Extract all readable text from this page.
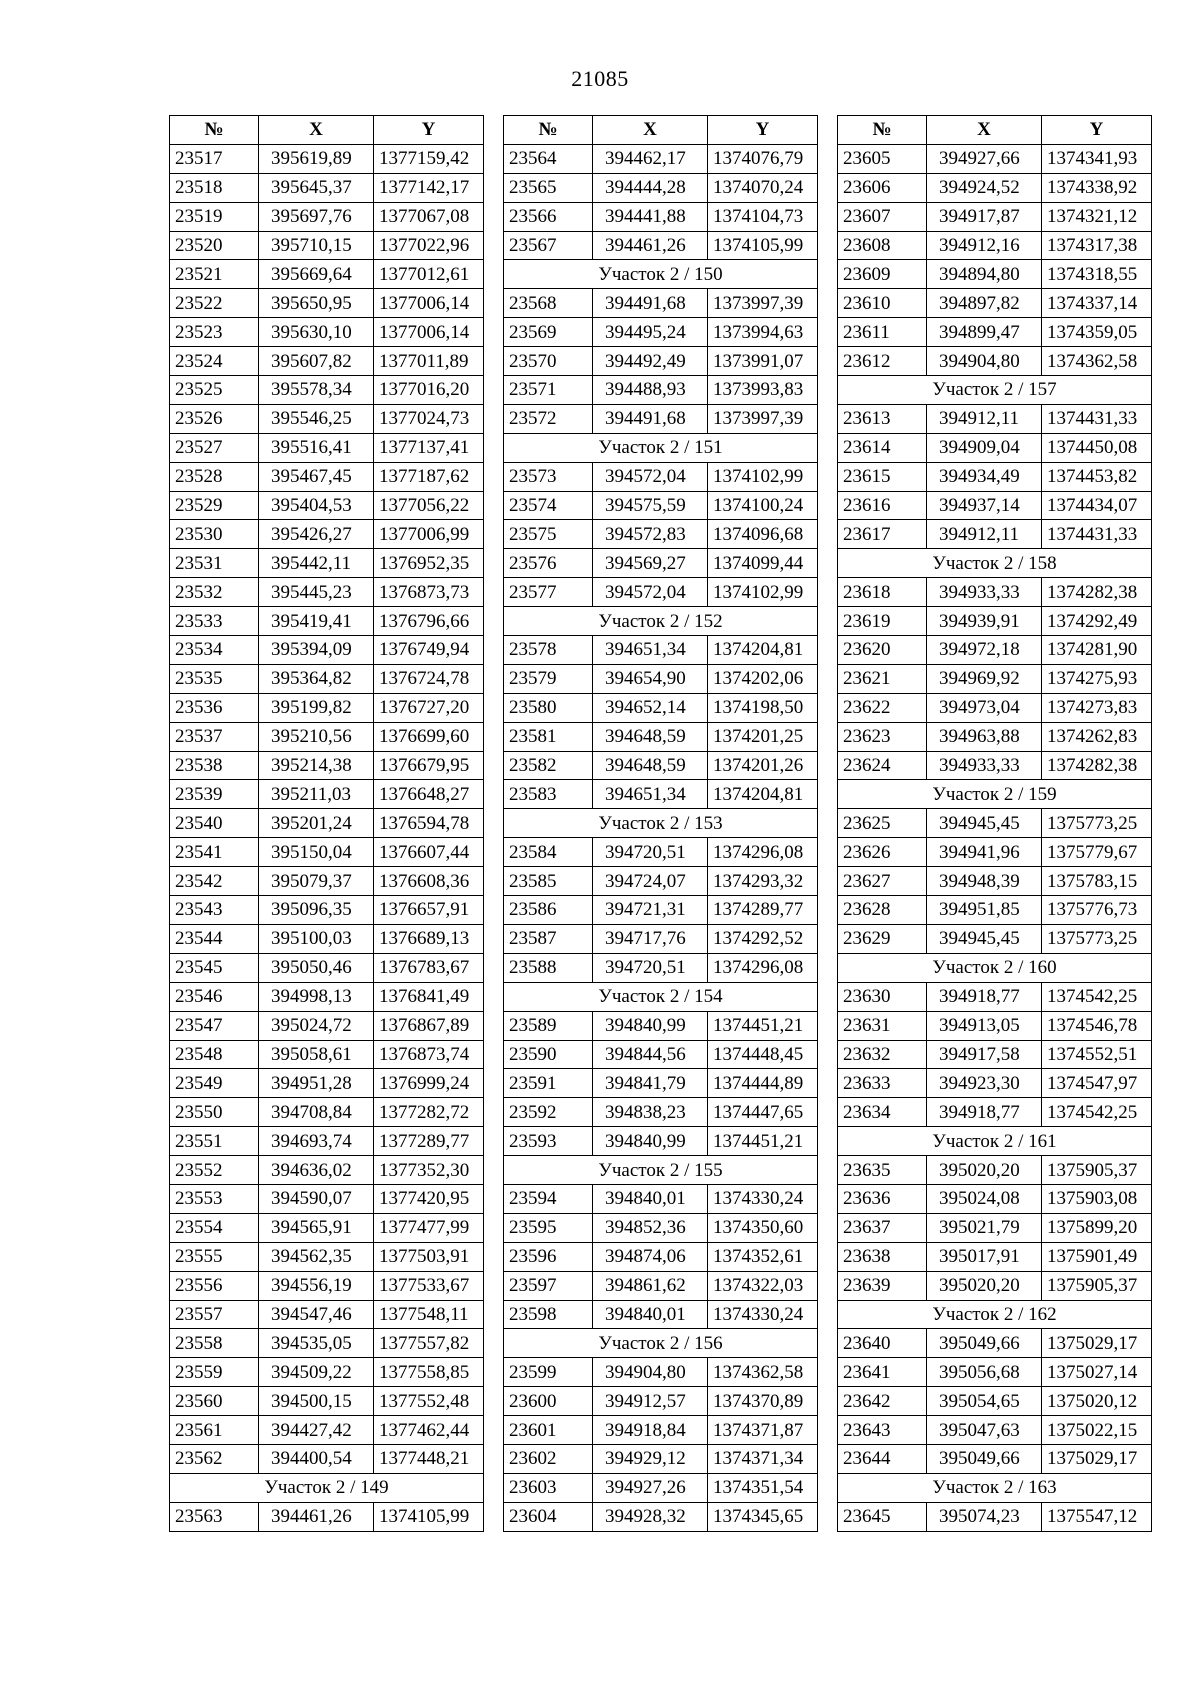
21085
№	X	Y
23517	395619,89	1377159,42
23518	395645,37	1377142,17
23519	395697,76	1377067,08
23520	395710,15	1377022,96
23521	395669,64	1377012,61
23522	395650,95	1377006,14
23523	395630,10	1377006,14
23524	395607,82	1377011,89
23525	395578,34	1377016,20
23526	395546,25	1377024,73
23527	395516,41	1377137,41
23528	395467,45	1377187,62
23529	395404,53	1377056,22
23530	395426,27	1377006,99
23531	395442,11	1376952,35
23532	395445,23	1376873,73
23533	395419,41	1376796,66
23534	395394,09	1376749,94
23535	395364,82	1376724,78
23536	395199,82	1376727,20
23537	395210,56	1376699,60
23538	395214,38	1376679,95
23539	395211,03	1376648,27
23540	395201,24	1376594,78
23541	395150,04	1376607,44
23542	395079,37	1376608,36
23543	395096,35	1376657,91
23544	395100,03	1376689,13
23545	395050,46	1376783,67
23546	394998,13	1376841,49
23547	395024,72	1376867,89
23548	395058,61	1376873,74
23549	394951,28	1376999,24
23550	394708,84	1377282,72
23551	394693,74	1377289,77
23552	394636,02	1377352,30
23553	394590,07	1377420,95
23554	394565,91	1377477,99
23555	394562,35	1377503,91
23556	394556,19	1377533,67
23557	394547,46	1377548,11
23558	394535,05	1377557,82
23559	394509,22	1377558,85
23560	394500,15	1377552,48
23561	394427,42	1377462,44
23562	394400,54	1377448,21
Участок 2 / 149		
23563	394461,26	1374105,99
№	X	Y
23564	394462,17	1374076,79
23565	394444,28	1374070,24
23566	394441,88	1374104,73
23567	394461,26	1374105,99
Участок 2 / 150		
23568	394491,68	1373997,39
23569	394495,24	1373994,63
23570	394492,49	1373991,07
23571	394488,93	1373993,83
23572	394491,68	1373997,39
Участок 2 / 151		
23573	394572,04	1374102,99
23574	394575,59	1374100,24
23575	394572,83	1374096,68
23576	394569,27	1374099,44
23577	394572,04	1374102,99
Участок 2 / 152		
23578	394651,34	1374204,81
23579	394654,90	1374202,06
23580	394652,14	1374198,50
23581	394648,59	1374201,25
23582	394648,59	1374201,26
23583	394651,34	1374204,81
Участок 2 / 153		
23584	394720,51	1374296,08
23585	394724,07	1374293,32
23586	394721,31	1374289,77
23587	394717,76	1374292,52
23588	394720,51	1374296,08
Участок 2 / 154		
23589	394840,99	1374451,21
23590	394844,56	1374448,45
23591	394841,79	1374444,89
23592	394838,23	1374447,65
23593	394840,99	1374451,21
Участок 2 / 155		
23594	394840,01	1374330,24
23595	394852,36	1374350,60
23596	394874,06	1374352,61
23597	394861,62	1374322,03
23598	394840,01	1374330,24
Участок 2 / 156		
23599	394904,80	1374362,58
23600	394912,57	1374370,89
23601	394918,84	1374371,87
23602	394929,12	1374371,34
23603	394927,26	1374351,54
23604	394928,32	1374345,65
№	X	Y
23605	394927,66	1374341,93
23606	394924,52	1374338,92
23607	394917,87	1374321,12
23608	394912,16	1374317,38
23609	394894,80	1374318,55
23610	394897,82	1374337,14
23611	394899,47	1374359,05
23612	394904,80	1374362,58
Участок 2 / 157		
23613	394912,11	1374431,33
23614	394909,04	1374450,08
23615	394934,49	1374453,82
23616	394937,14	1374434,07
23617	394912,11	1374431,33
Участок 2 / 158		
23618	394933,33	1374282,38
23619	394939,91	1374292,49
23620	394972,18	1374281,90
23621	394969,92	1374275,93
23622	394973,04	1374273,83
23623	394963,88	1374262,83
23624	394933,33	1374282,38
Участок 2 / 159		
23625	394945,45	1375773,25
23626	394941,96	1375779,67
23627	394948,39	1375783,15
23628	394951,85	1375776,73
23629	394945,45	1375773,25
Участок 2 / 160		
23630	394918,77	1374542,25
23631	394913,05	1374546,78
23632	394917,58	1374552,51
23633	394923,30	1374547,97
23634	394918,77	1374542,25
Участок 2 / 161		
23635	395020,20	1375905,37
23636	395024,08	1375903,08
23637	395021,79	1375899,20
23638	395017,91	1375901,49
23639	395020,20	1375905,37
Участок 2 / 162		
23640	395049,66	1375029,17
23641	395056,68	1375027,14
23642	395054,65	1375020,12
23643	395047,63	1375022,15
23644	395049,66	1375029,17
Участок 2 / 163		
23645	395074,23	1375547,12
